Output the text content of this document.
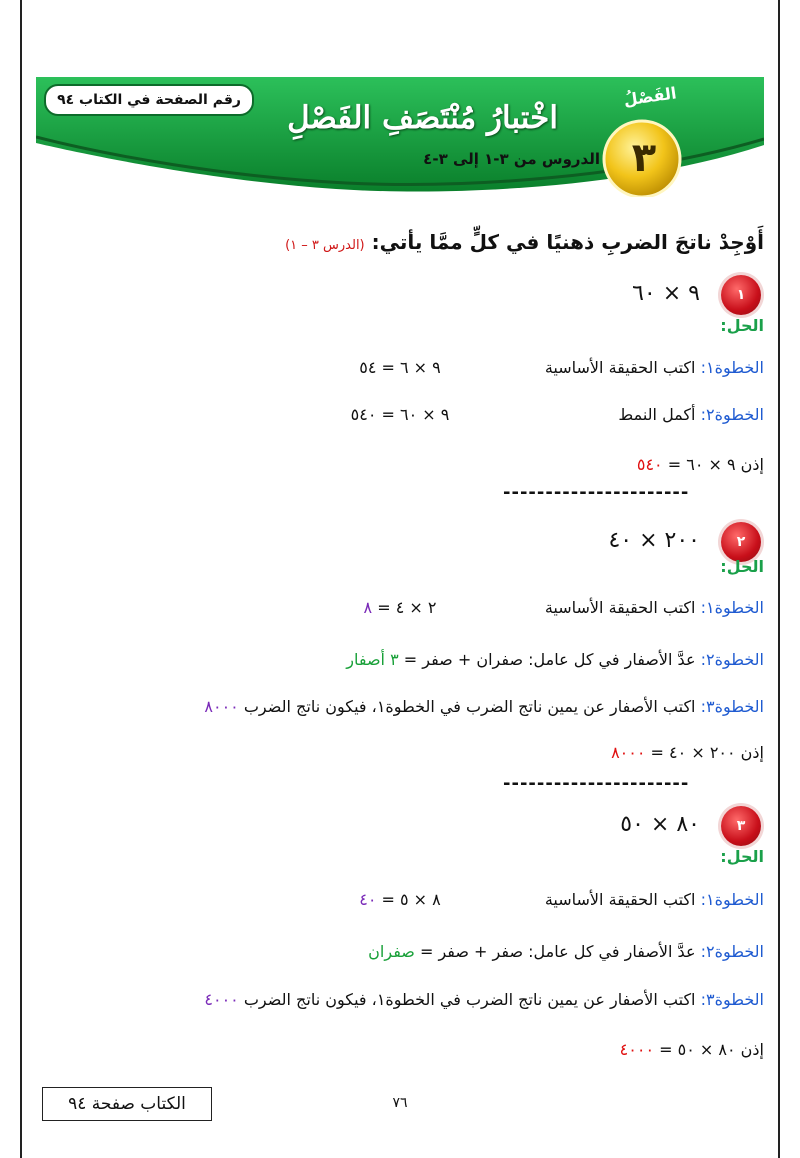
رقم الصفحة في الكتاب ٩٤	اخْتبارُ مُنْتَصَفِ الفَصْلِ
الدروس من ٣-١ إلى ٣-٤
الفَصْلُ
٣
أَوْجِدْ ناتجَ الضربِ ذهنيًا في كلٍّ ممَّا يأتي: (الدرس ٣ – ١)
١
٩ × ٦٠
الحل:
الخطوة١: اكتب الحقيقة الأساسية
٩ × ٦ = ٥٤
الخطوة٢: أكمل النمط
٩ × ٦٠ = ٥٤٠
إذن ٩ × ٦٠ = ٥٤٠
----------------------
٢
٢٠٠ × ٤٠
الحل:
الخطوة١: اكتب الحقيقة الأساسية
٢ × ٤ = ٨
الخطوة٢: عدَّ الأصفار في كل عامل: صفران + صفر = ٣ أصفار
الخطوة٣: اكتب الأصفار عن يمين ناتج الضرب في الخطوة١، فيكون ناتج الضرب ٨٠٠٠
إذن ٢٠٠ × ٤٠ = ٨٠٠٠
----------------------
٣
٨٠ × ٥٠
الحل:
الخطوة١: اكتب الحقيقة الأساسية
٨ × ٥ = ٤٠
الخطوة٢: عدَّ الأصفار في كل عامل: صفر + صفر = صفران
الخطوة٣: اكتب الأصفار عن يمين ناتج الضرب في الخطوة١، فيكون ناتج الضرب ٤٠٠٠
إذن ٨٠ × ٥٠ = ٤٠٠٠
الكتاب صفحة ٩٤	٧٦
